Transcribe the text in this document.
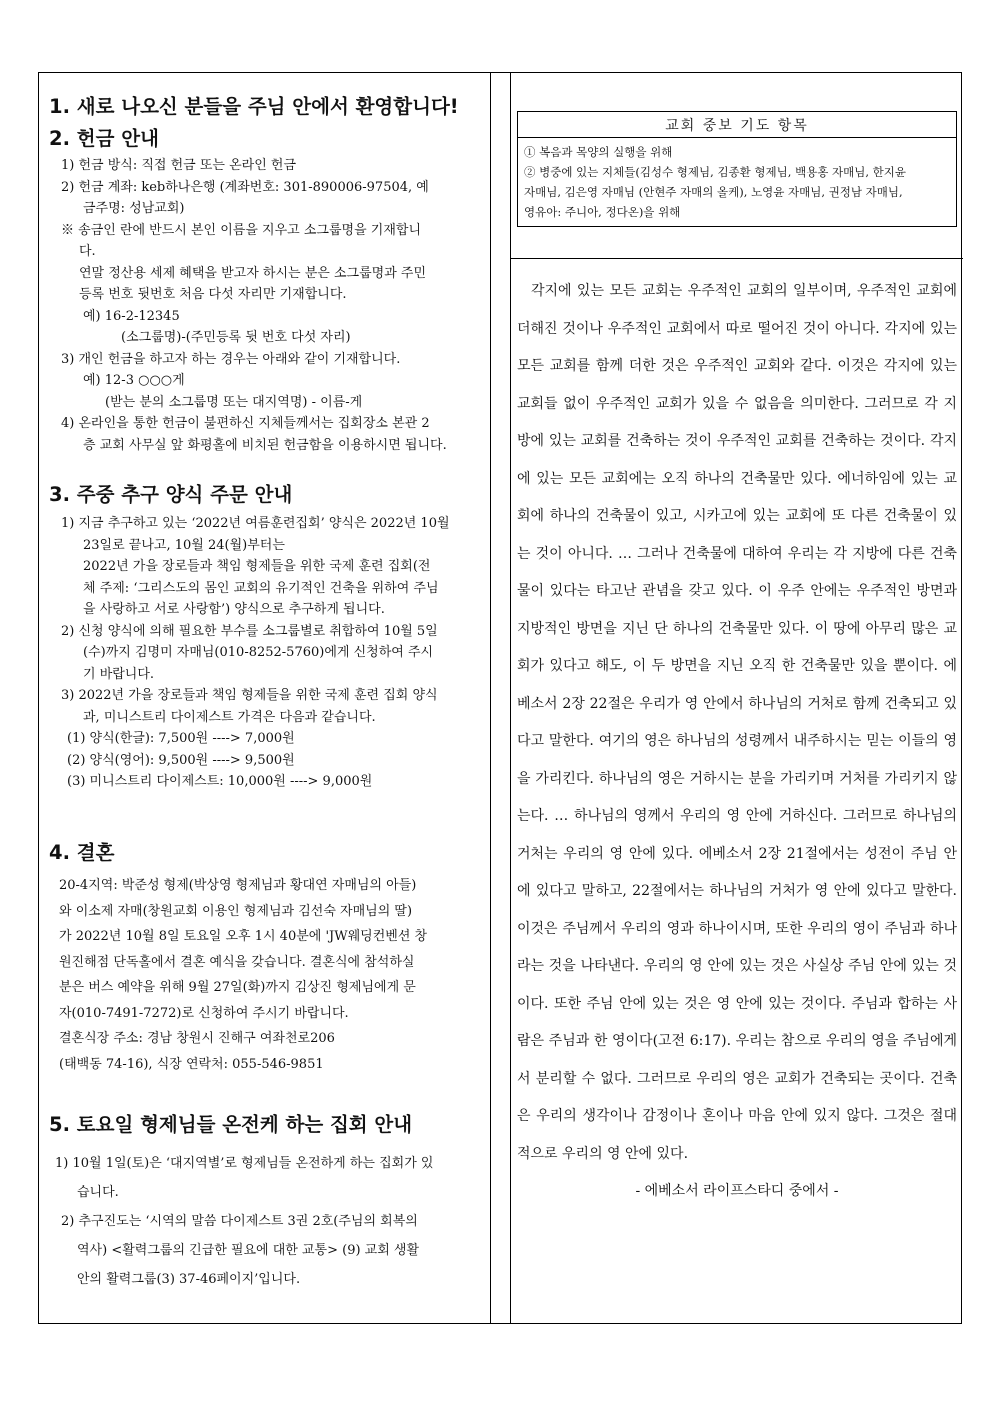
1. 새로 나오신 분들을 주님 안에서 환영합니다!
2. 헌금 안내

1) 헌금 방식: 직접 헌금 또는 온라인 헌금

2) 헌금 계좌: keb하나은행 (계좌번호: 301-890006-97504, 예

금주명: 성남교회)

※ 송금인 란에 반드시 본인 이름을 지우고 소그룹명을 기재합니

다.

연말 정산용 세제 혜택을 받고자 하시는 분은 소그룹명과 주민

등록 번호 뒷번호 처음 다섯 자리만 기재합니다.

예) 16-2-12345

(소그룹명)-(주민등록 뒷 번호 다섯 자리)

3) 개인 헌금을 하고자 하는 경우는 아래와 같이 기재합니다.

예) 12-3 ○○○게

(받는 분의 소그룹명 또는 대지역명) - 이름-게

4) 온라인을 통한 헌금이 불편하신 지체들께서는 집회장소 본관 2

층 교회 사무실 앞 화평홀에 비치된 헌금함을 이용하시면 됩니다.

3. 주중 추구 양식 주문 안내

1) 지금 추구하고 있는 ‘2022년 여름훈련집회’ 양식은 2022년 10월

23일로 끝나고, 10월 24(월)부터는

2022년 가을 장로들과 책임 형제들을 위한 국제 훈련 집회(전

체 주제: ‘그리스도의 몸인 교회의 유기적인 건축을 위하여 주님

을 사랑하고 서로 사랑함’) 양식으로 추구하게 됩니다.

2) 신청 양식에 의해 필요한 부수를 소그룹별로 취합하여 10월 5일

(수)까지 김명미 자매님(010-8252-5760)에게 신청하여 주시

기 바랍니다.

3) 2022년 가을 장로들과 책임 형제들을 위한 국제 훈련 집회 양식

과, 미니스트리 다이제스트 가격은 다음과 같습니다.

(1) 양식(한글): 7,500원 ----> 7,000원

(2) 양식(영어): 9,500원 ----> 9,500원

(3) 미니스트리 다이제스트: 10,000원 ----> 9,000원

4. 결혼

20-4지역: 박준성 형제(박상영 형제님과 황대연 자매님의 아들)

와 이소제 자매(창원교회 이용인 형제님과 김선숙 자매님의 딸)

가 2022년 10월 8일 토요일 오후 1시 40분에 'JW웨딩컨벤션 창

원진해점 단독홀에서 결혼 예식을 갖습니다. 결혼식에 참석하실

분은 버스 예약을 위해 9월 27일(화)까지 김상진 형제님에게 문

자(010-7491-7272)로 신청하여 주시기 바랍니다.

결혼식장 주소: 경남 창원시 진해구 여좌천로206

(태백동 74-16), 식장 연락처: 055-546-9851

5. 토요일 형제님들 온전케 하는 집회 안내

1) 10월 1일(토)은 ‘대지역별’로 형제님들 온전하게 하는 집회가 있

습니다.

2) 추구진도는 ‘시역의 말씀 다이제스트 3권 2호(주님의 회복의

역사) <활력그룹의 긴급한 필요에 대한 교통> (9) 교회 생활

안의 활력그룹(3) 37-46페이지’입니다.

교회 중보 기도 항목

① 복음과 목양의 실행을 위해

② 병중에 있는 지체들(김성수 형제님, 김종환 형제님, 백용홍 자매님, 한지윤

자매님, 김은영 자매님 (안현주 자매의 올케), 노영윤 자매님, 권정남 자매님,

영유아: 주니아, 정다온)을 위해

각지에 있는 모든 교회는 우주적인 교회의 일부이며, 우주적인 교회에 더해진 것이나 우주적인 교회에서 따로 떨어진 것이 아니다. 각지에 있는 모든 교회를 함께 더한 것은 우주적인 교회와 같다. 이것은 각지에 있는 교회들 없이 우주적인 교회가 있을 수 없음을 의미한다. 그러므로 각 지방에 있는 교회를 건축하는 것이 우주적인 교회를 건축하는 것이다. 각지에 있는 모든 교회에는 오직 하나의 건축물만 있다. 에너하임에 있는 교회에 하나의 건축물이 있고, 시카고에 있는 교회에 또 다른 건축물이 있는 것이 아니다. … 그러나 건축물에 대하여 우리는 각 지방에 다른 건축물이 있다는 타고난 관념을 갖고 있다. 이 우주 안에는 우주적인 방면과 지방적인 방면을 지닌 단 하나의 건축물만 있다. 이 땅에 아무리 많은 교회가 있다고 해도, 이 두 방면을 지닌 오직 한 건축물만 있을 뿐이다. 에베소서 2장 22절은 우리가 영 안에서 하나님의 거처로 함께 건축되고 있다고 말한다. 여기의 영은 하나님의 성령께서 내주하시는 믿는 이들의 영을 가리킨다. 하나님의 영은 거하시는 분을 가리키며 거처를 가리키지 않는다. … 하나님의 영께서 우리의 영 안에 거하신다. 그러므로 하나님의 거처는 우리의 영 안에 있다. 에베소서 2장 21절에서는 성전이 주님 안에 있다고 말하고, 22절에서는 하나님의 거처가 영 안에 있다고 말한다. 이것은 주님께서 우리의 영과 하나이시며, 또한 우리의 영이 주님과 하나라는 것을 나타낸다. 우리의 영 안에 있는 것은 사실상 주님 안에 있는 것이다. 또한 주님 안에 있는 것은 영 안에 있는 것이다. 주님과 합하는 사람은 주님과 한 영이다(고전 6:17). 우리는 참으로 우리의 영을 주님에게서 분리할 수 없다. 그러므로 우리의 영은 교회가 건축되는 곳이다. 건축은 우리의 생각이나 감정이나 혼이나 마음 안에 있지 않다. 그것은 절대적으로 우리의 영 안에 있다.

- 에베소서 라이프스타디 중에서 -
